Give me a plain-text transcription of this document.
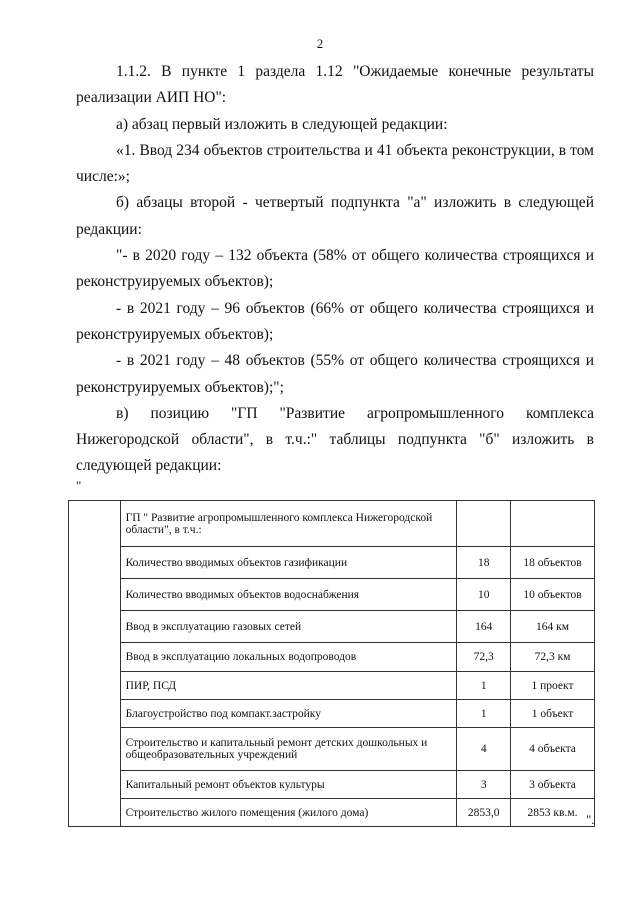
2

1.1.2. В пункте 1 раздела 1.12 "Ожидаемые конечные результаты реализации АИП НО":

а) абзац первый изложить в следующей редакции:

«1. Ввод 234 объектов строительства и 41 объекта реконструкции, в том числе:»;

б) абзацы второй - четвертый подпункта "а" изложить в следующей редакции:

"- в 2020 году – 132 объекта (58% от общего количества строящихся и реконструируемых объектов);

- в 2021 году – 96 объектов (66% от общего количества строящихся и реконструируемых объектов);

- в 2021 году – 48 объектов (55% от общего количества строящихся и реконструируемых объектов);";

в) позицию "ГП "Развитие агропромышленного комплекса Нижегородской области", в т.ч.:" таблицы подпункта "б" изложить в следующей редакции:

"
	ГП " Развитие агропромышленного комплекса Нижегородской области", в т.ч.:		
	Количество вводимых объектов газификации	18	18 объектов
	Количество вводимых объектов водоснабжения	10	10 объектов
	Ввод в эксплуатацию газовых сетей	164	164 км
	Ввод в эксплуатацию локальных водопроводов	72,3	72,3 км
	ПИР, ПСД	1	1 проект
	Благоустройство под компакт.застройку	1	1 объект
	Строительство и капитальный ремонт детских дошкольных и общеобразовательных учреждений	4	4 объекта
	Капитальный ремонт объектов культуры	3	3 объекта
	Строительство жилого помещения (жилого дома)	2853,0	2853 кв.м. ".
